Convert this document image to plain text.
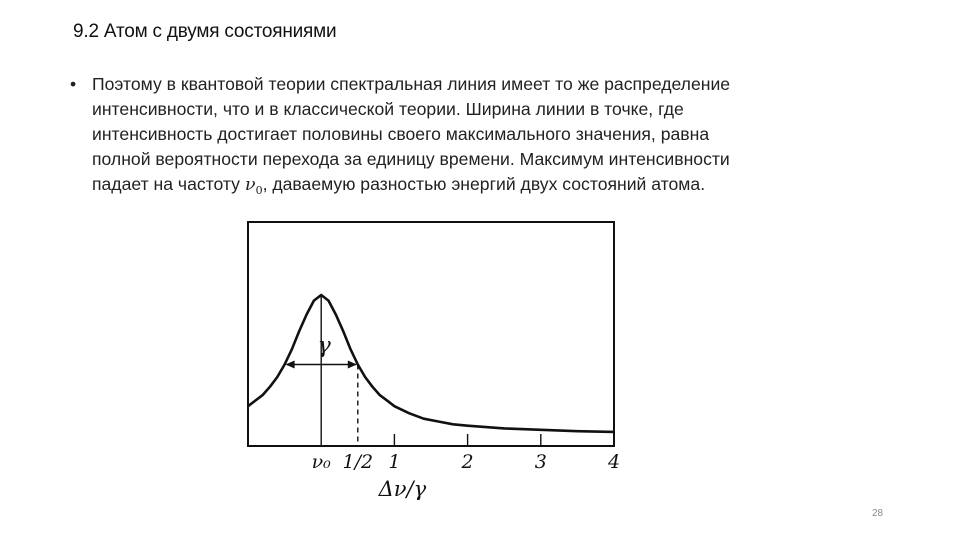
9.2 Атом с двумя состояниями
• Поэтому в квантовой теории спектральная линия имеет то же распределение
интенсивности, что и в классической теории. Ширина линии в точке, где
интенсивность достигает половины своего максимального значения, равна
полной вероятности перехода за единицу времени. Максимум интенсивности
падает на частоту $\nu_0$, даваемую разностью энергий двух состояний атома.
γ
ν₀ 1/2 1	2	3	4
Δν/γ
28
